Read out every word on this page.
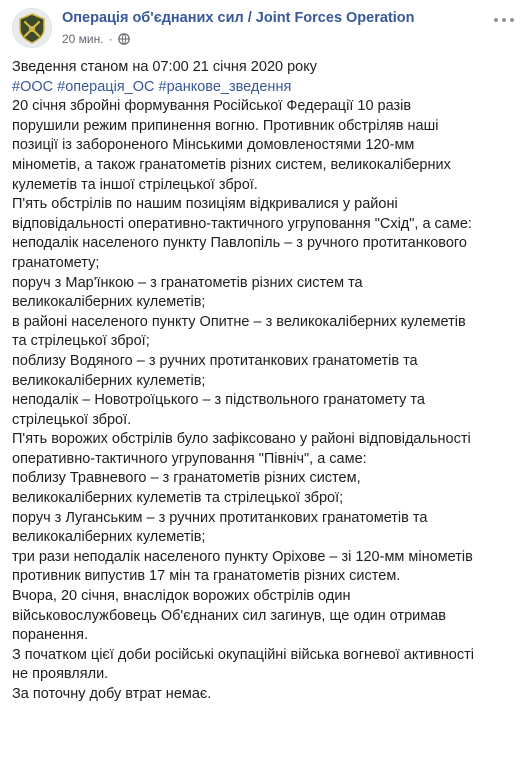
Операція об'єднаних сил / Joint Forces Operation
20 мин. ·

Зведення станом на 07:00 21 січня 2020 року

#ООС #операція_ОС #ранкове_зведення

20 січня збройні формування Російської Федерації 10 разів

порушили режим припинення вогню. Противник обстріляв наші

позиції із забороненого Мінськими домовленостями 120-мм

мінометів, а також гранатометів різних систем, великокаліберних

кулеметів та іншої стрілецької зброї.

П'ять обстрілів по нашим позиціям відкривалися у районі

відповідальності оперативно-тактичного угруповання "Схід", а саме:

неподалік населеного пункту Павлопіль – з ручного протитанкового

гранатомету;

поруч з Мар'їнкою – з гранатометів різних систем та

великокаліберних кулеметів;

в районі населеного пункту Опитне – з великокаліберних кулеметів

та стрілецької зброї;

поблизу Водяного – з ручних протитанкових гранатометів та

великокаліберних кулеметів;

неподалік – Новотроїцького – з підствольного гранатомету та

стрілецької зброї.

П'ять ворожих обстрілів було зафіксовано у районі відповідальності

оперативно-тактичного угруповання "Північ", а саме:

поблизу Травневого – з гранатометів різних систем,

великокаліберних кулеметів та стрілецької зброї;

поруч з Луганським – з ручних протитанкових гранатометів та

великокаліберних кулеметів;

три рази неподалік населеного пункту Оріхове – зі 120-мм мінометів

противник випустив 17 мін та гранатометів різних систем.

Вчора, 20 січня, внаслідок ворожих обстрілів один

військовослужбовець Об'єднаних сил загинув, ще один отримав

поранення.

З початком цієї доби російські окупаційні війська вогневої активності

не проявляли.

За поточну добу втрат немає.
